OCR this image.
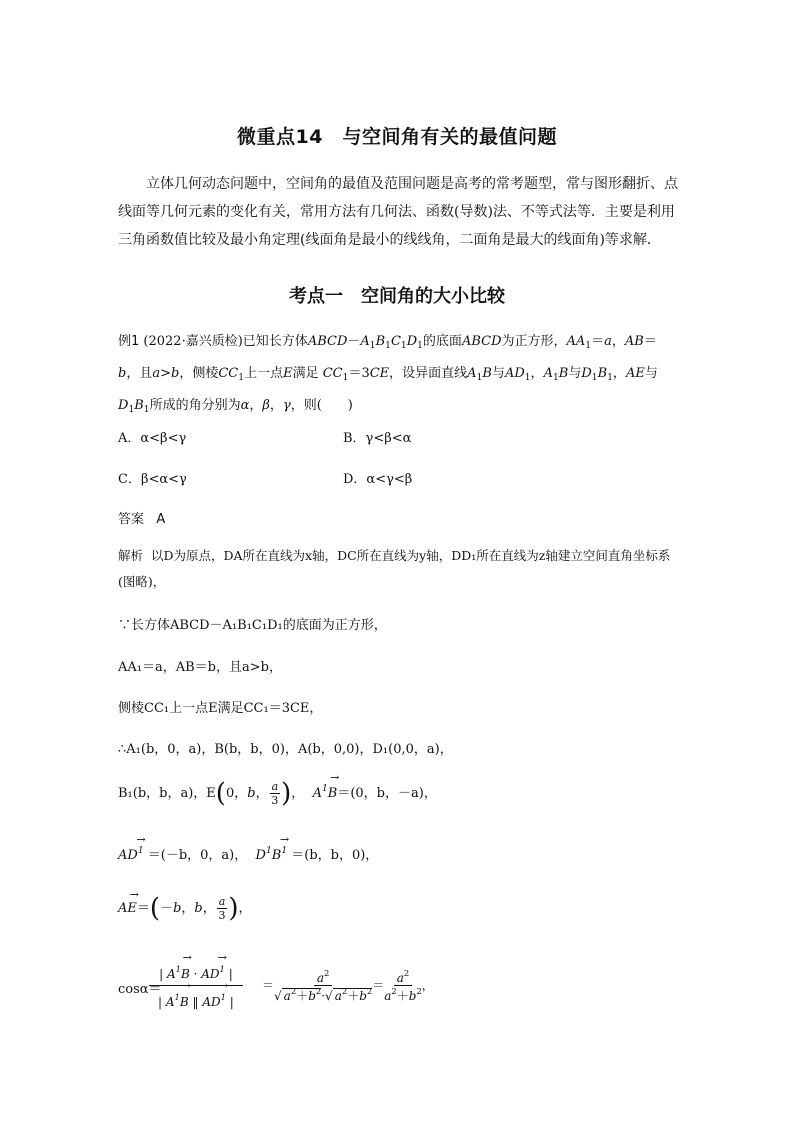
微重点14　与空间角有关的最值问题

立体几何动态问题中，空间角的最值及范围问题是高考的常考题型，常与图形翻折、点线面等几何元素的变化有关，常用方法有几何法、函数(导数)法、不等式法等．主要是利用三角函数值比较及最小角定理(线面角是最小的线线角，二面角是最大的线面角)等求解．

考点一　空间角的大小比较
例1 (2022·嘉兴质检)已知长方体$ABCD-A_1B_1C_1D_1$的底面ABCD为正方形，$AA_1=a$，AB＝b，且a>b，侧棱$CC_1$上一点E满足 $CC_1=3CE$，设异面直线$A_1B$与$AD_1$，$A_1B$与$D_1B_1$，AE与$D_1B_1$所成的角分别为α，β，γ，则(　　)
A．α<β<γ	B．γ<β<α
C．β<α<γ	D．α<γ<β
答案 A
解析 以D为原点，DA所在直线为x轴，DC所在直线为y轴，DD₁所在直线为z轴建立空间直角坐标系(图略)，
∵长方体ABCD－A₁B₁C₁D₁的底面为正方形，
AA₁＝a，AB＝b，且a>b，
侧棱CC₁上一点E满足CC₁＝3CE，
∴A₁(b，0，a)，B(b，b，0)，A(b，0,0)，D₁(0,0，a)，
B₁(b，b，a)，E(0，b， $\frac{a}{3}$ )， → $A^1B=(0$，b，－a)，
→ $AD^1 =(-b$，0，a)， → $D^1B^1 =(b$，b，0)，
→ AE＝(－b，b， $\frac{a}{3}$ )，
cosα＝
$\frac{| \to A^1B \cdot \to AD^1 |}{| \to A^1B ‖ \to AD^1 |} = \frac{a^2}{√ a^2+b^2\cdot√ a^2+b^2} = \frac{a^2}{a^2+b^2}$ ，
